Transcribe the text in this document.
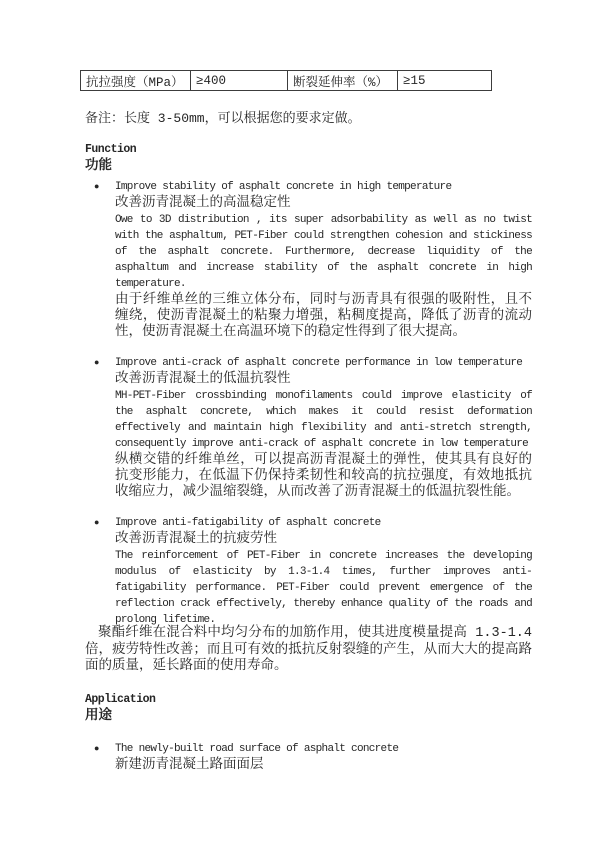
抗拉强度（MPa）	≥400	断裂延伸率（%）	≥15
备注：长度 3-50mm，可以根据您的要求定做。
Function
功能
●	Improve stability of asphalt concrete in high temperature
改善沥青混凝土的高温稳定性
Owe to 3D distribution , its super adsorbability as well as no twist with the asphaltum, PET-Fiber could strengthen cohesion and stickiness of the asphalt concrete. Furthermore, decrease liquidity of the asphaltum and increase stability of the asphalt concrete in high temperature.
由于纤维单丝的三维立体分布，同时与沥青具有很强的吸附性，且不缠绕，使沥青混凝土的粘聚力增强，粘稠度提高，降低了沥青的流动性，使沥青混凝土在高温环境下的稳定性得到了很大提高。
●	Improve anti-crack of asphalt concrete performance in low temperature
改善沥青混凝土的低温抗裂性
MH-PET-Fiber crossbinding monofilaments could improve elasticity of the asphalt concrete, which makes it could resist deformation effectively and maintain high flexibility and anti-stretch strength, consequently improve anti-crack of asphalt concrete in low temperature
纵横交错的纤维单丝，可以提高沥青混凝土的弹性，使其具有良好的抗变形能力，在低温下仍保持柔韧性和较高的抗拉强度，有效地抵抗收缩应力，减少温缩裂缝，从而改善了沥青混凝土的低温抗裂性能。
●	Improve anti-fatigability of asphalt concrete
改善沥青混凝土的抗疲劳性
The reinforcement of PET-Fiber in concrete increases the developing modulus of elasticity by 1.3-1.4 times, further improves anti-fatigability performance. PET-Fiber could prevent emergence of the reflection crack effectively, thereby enhance quality of the roads and prolong lifetime.
聚酯纤维在混合料中均匀分布的加筋作用，使其进度模量提高 1.3-1.4 倍，疲劳特性改善；而且可有效的抵抗反射裂缝的产生，从而大大的提高路面的质量，延长路面的使用寿命。
Application
用途
●	The newly-built road surface of asphalt concrete
新建沥青混凝土路面面层
